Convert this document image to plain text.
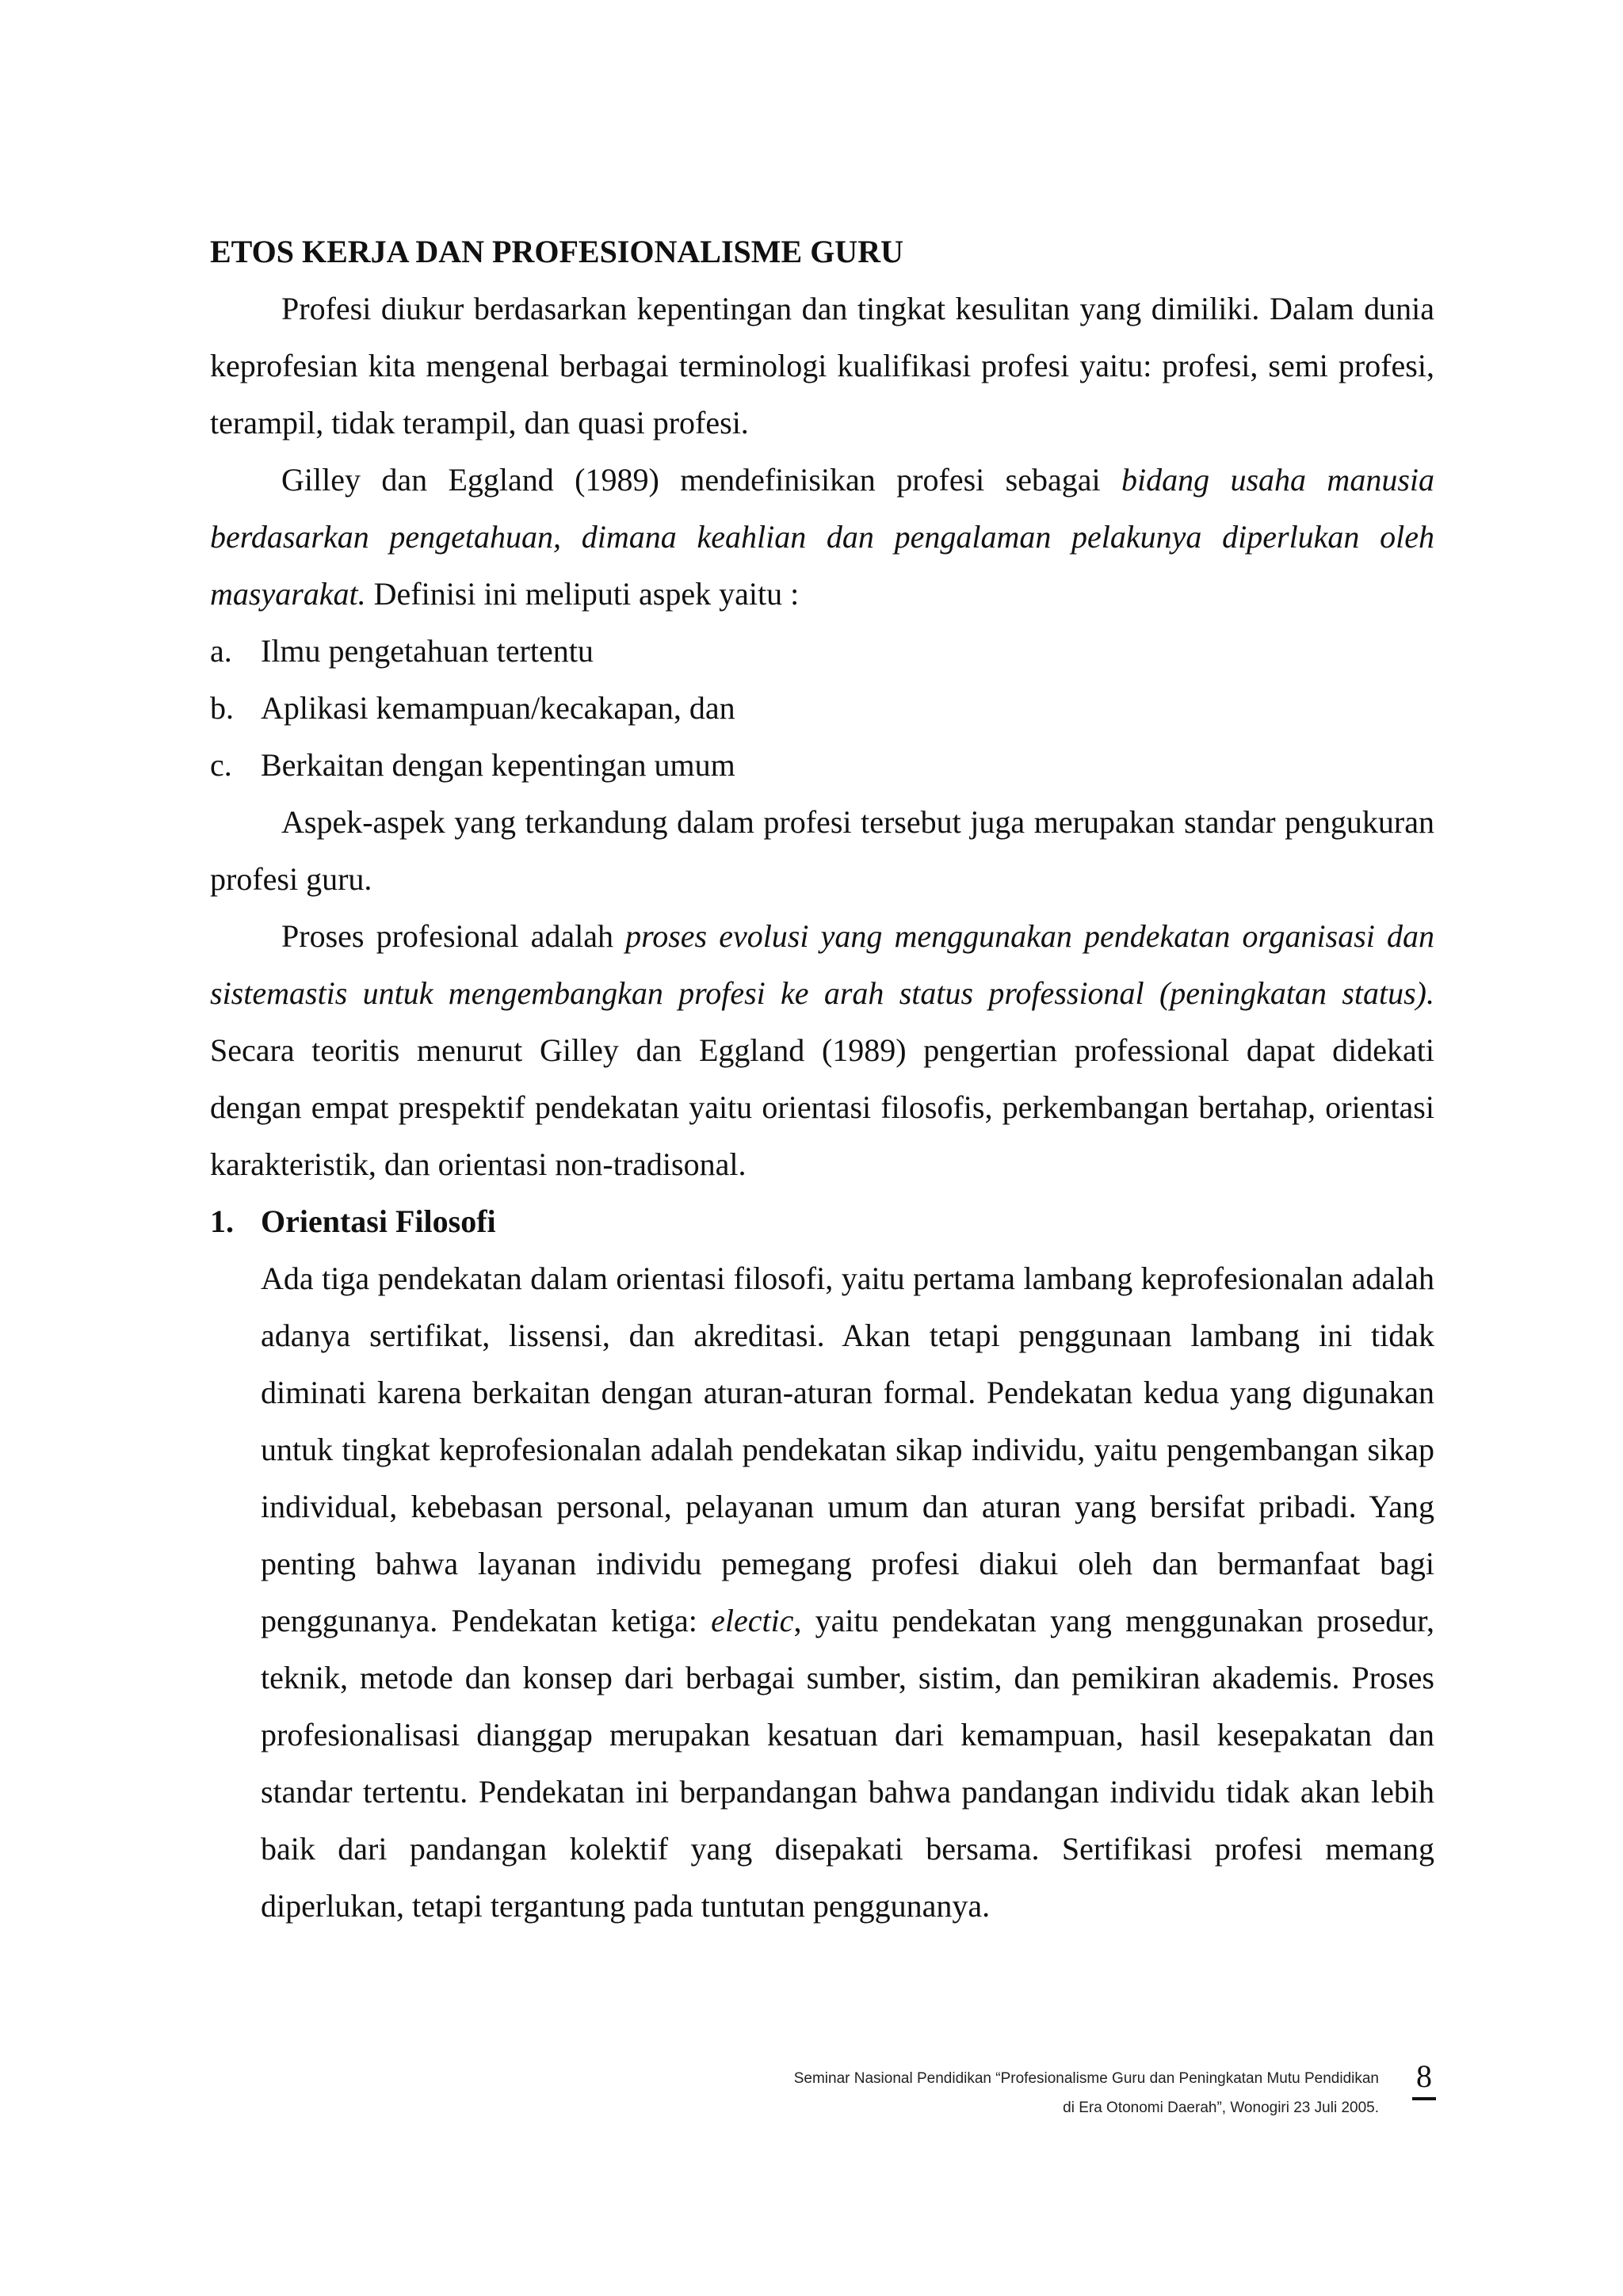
ETOS KERJA DAN PROFESIONALISME GURU

Profesi diukur berdasarkan kepentingan dan tingkat kesulitan yang dimiliki. Dalam dunia keprofesian kita mengenal berbagai terminologi kualifikasi profesi yaitu: profesi, semi profesi, terampil, tidak terampil, dan quasi profesi.

Gilley dan Eggland (1989) mendefinisikan profesi sebagai bidang usaha manusia berdasarkan pengetahuan, dimana keahlian dan pengalaman pelakunya diperlukan oleh masyarakat. Definisi ini meliputi aspek yaitu :

a. Ilmu pengetahuan tertentu
b. Aplikasi kemampuan/kecakapan, dan
c. Berkaitan dengan kepentingan umum

Aspek-aspek yang terkandung dalam profesi tersebut juga merupakan standar pengukuran profesi guru.

Proses profesional adalah proses evolusi yang menggunakan pendekatan organisasi dan sistemastis untuk mengembangkan profesi ke arah status professional (peningkatan status). Secara teoritis menurut Gilley dan Eggland (1989) pengertian professional dapat didekati dengan empat prespektif pendekatan yaitu orientasi filosofis, perkembangan bertahap, orientasi karakteristik, dan orientasi non-tradisonal.

1. Orientasi Filosofi

Ada tiga pendekatan dalam orientasi filosofi, yaitu pertama lambang keprofesionalan adalah adanya sertifikat, lissensi, dan akreditasi. Akan tetapi penggunaan lambang ini tidak diminati karena berkaitan dengan aturan-aturan formal. Pendekatan kedua yang digunakan untuk tingkat keprofesionalan adalah pendekatan sikap individu, yaitu pengembangan sikap individual, kebebasan personal, pelayanan umum dan aturan yang bersifat pribadi. Yang penting bahwa layanan individu pemegang profesi diakui oleh dan bermanfaat bagi penggunanya. Pendekatan ketiga: electic, yaitu pendekatan yang menggunakan prosedur, teknik, metode dan konsep dari berbagai sumber, sistim, dan pemikiran akademis. Proses profesionalisasi dianggap merupakan kesatuan dari kemampuan, hasil kesepakatan dan standar tertentu. Pendekatan ini berpandangan bahwa pandangan individu tidak akan lebih baik dari pandangan kolektif yang disepakati bersama. Sertifikasi profesi memang diperlukan, tetapi tergantung pada tuntutan penggunanya.

Seminar Nasional Pendidikan “Profesionalisme Guru dan Peningkatan Mutu Pendidikan
di Era Otonomi Daerah”, Wonogiri 23 Juli 2005.
8
